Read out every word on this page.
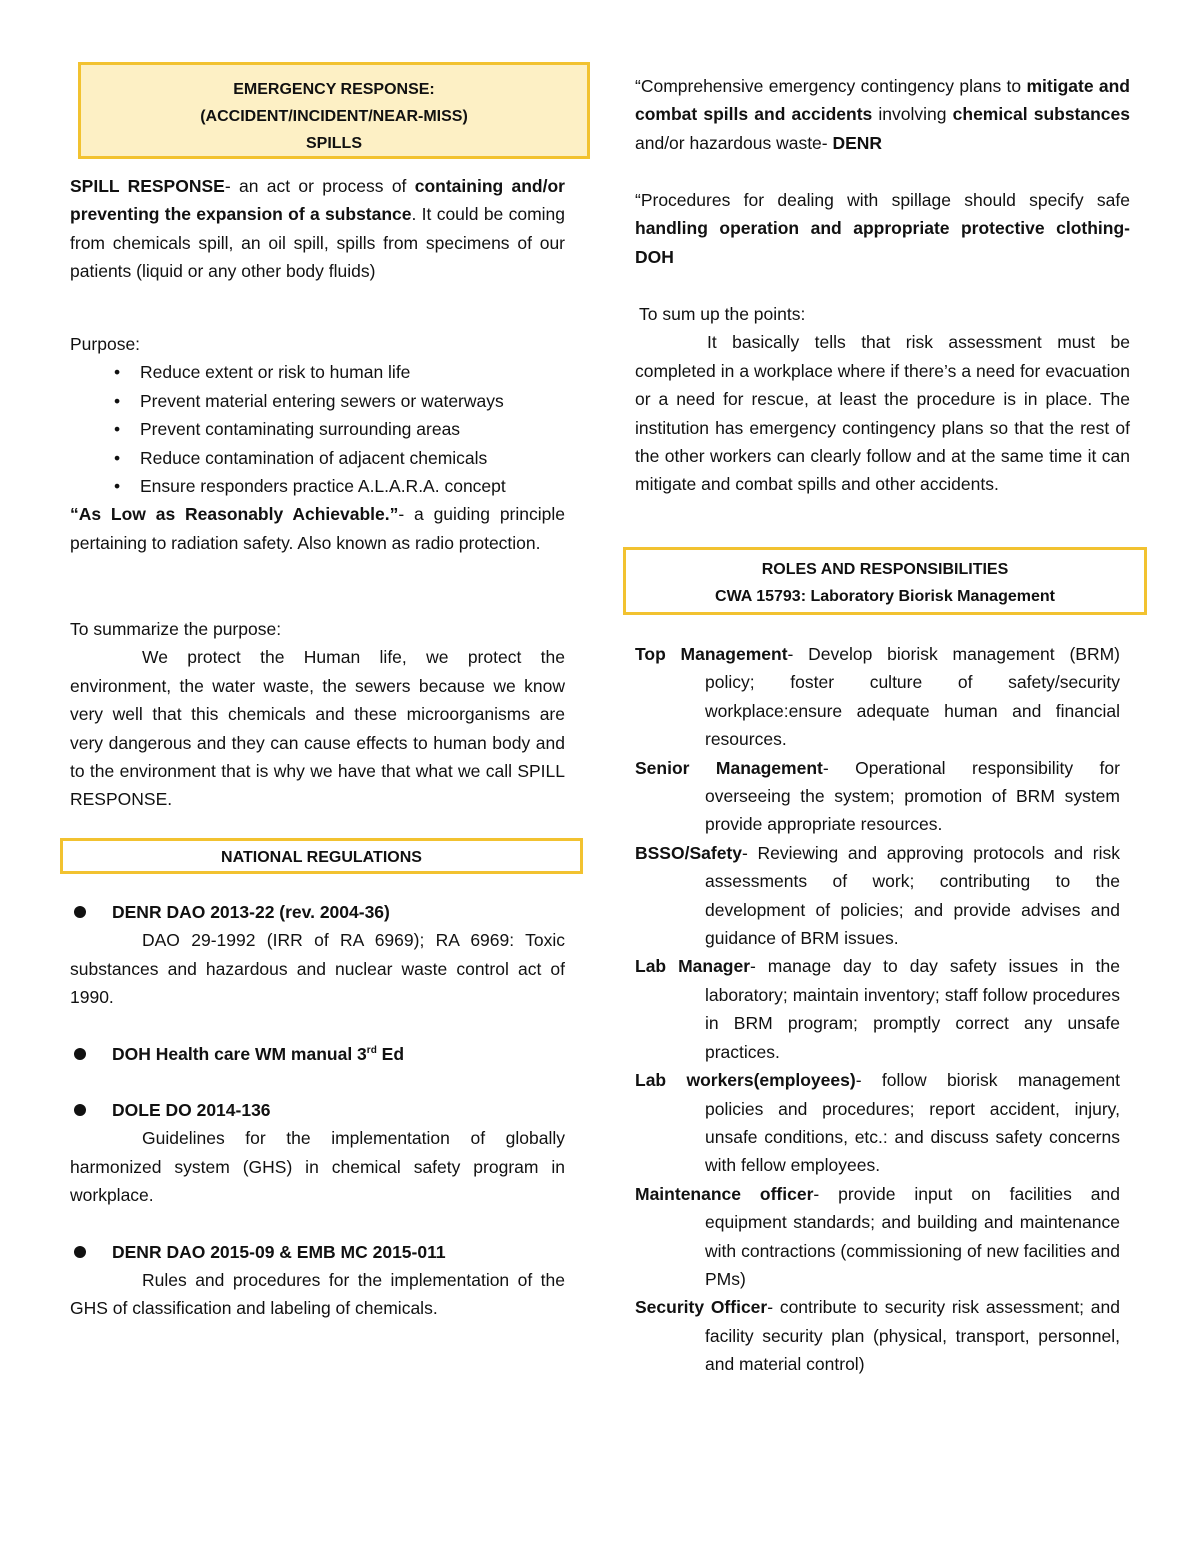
EMERGENCY RESPONSE:
(ACCIDENT/INCIDENT/NEAR-MISS)
SPILLS

SPILL RESPONSE- an act or process of containing and/or preventing the expansion of a substance. It could be coming from chemicals spill, an oil spill, spills from specimens of our patients (liquid or any other body fluids)

Purpose:

• Reduce extent or risk to human life
• Prevent material entering sewers or waterways
• Prevent contaminating surrounding areas
• Reduce contamination of adjacent chemicals
• Ensure responders practice A.L.A.R.A. concept

“As Low as Reasonably Achievable.”- a guiding principle pertaining to radiation safety. Also known as radio protection.

To summarize the purpose:

We protect the Human life, we protect the environment, the water waste, the sewers because we know very well that this chemicals and these microorganisms are very dangerous and they can cause effects to human body and to the environment that is why we have that what we call SPILL RESPONSE.

NATIONAL REGULATIONS
DENR DAO 2013-22 (rev. 2004-36)

DAO 29-1992 (IRR of RA 6969); RA 6969: Toxic substances and hazardous and nuclear waste control act of 1990.

DOH Health care WM manual 3rd Ed
DOLE DO 2014-136

Guidelines for the implementation of globally harmonized system (GHS) in chemical safety program in workplace.

DENR DAO 2015-09 & EMB MC 2015-011

Rules and procedures for the implementation of the GHS of classification and labeling of chemicals.

“Comprehensive emergency contingency plans to mitigate and combat spills and accidents involving chemical substances and/or hazardous waste- DENR

“Procedures for dealing with spillage should specify safe handling operation and appropriate protective clothing- DOH

To sum up the points:

It basically tells that risk assessment must be completed in a workplace where if there’s a need for evacuation or a need for rescue, at least the procedure is in place. The institution has emergency contingency plans so that the rest of the other workers can clearly follow and at the same time it can mitigate and combat spills and other accidents.

ROLES AND RESPONSIBILITIES
CWA 15793: Laboratory Biorisk Management

Top Management- Develop biorisk management (BRM) policy; foster culture of safety/security workplace:ensure adequate human and financial resources.

Senior Management- Operational responsibility for overseeing the system; promotion of BRM system provide appropriate resources.

BSSO/Safety- Reviewing and approving protocols and risk assessments of work; contributing to the development of policies; and provide advises and guidance of BRM issues.

Lab Manager- manage day to day safety issues in the laboratory; maintain inventory; staff follow procedures in BRM program; promptly correct any unsafe practices.

Lab workers(employees)- follow biorisk management policies and procedures; report accident, injury, unsafe conditions, etc.: and discuss safety concerns with fellow employees.

Maintenance officer- provide input on facilities and equipment standards; and building and maintenance with contractions (commissioning of new facilities and PMs)

Security Officer- contribute to security risk assessment; and facility security plan (physical, transport, personnel, and material control)
